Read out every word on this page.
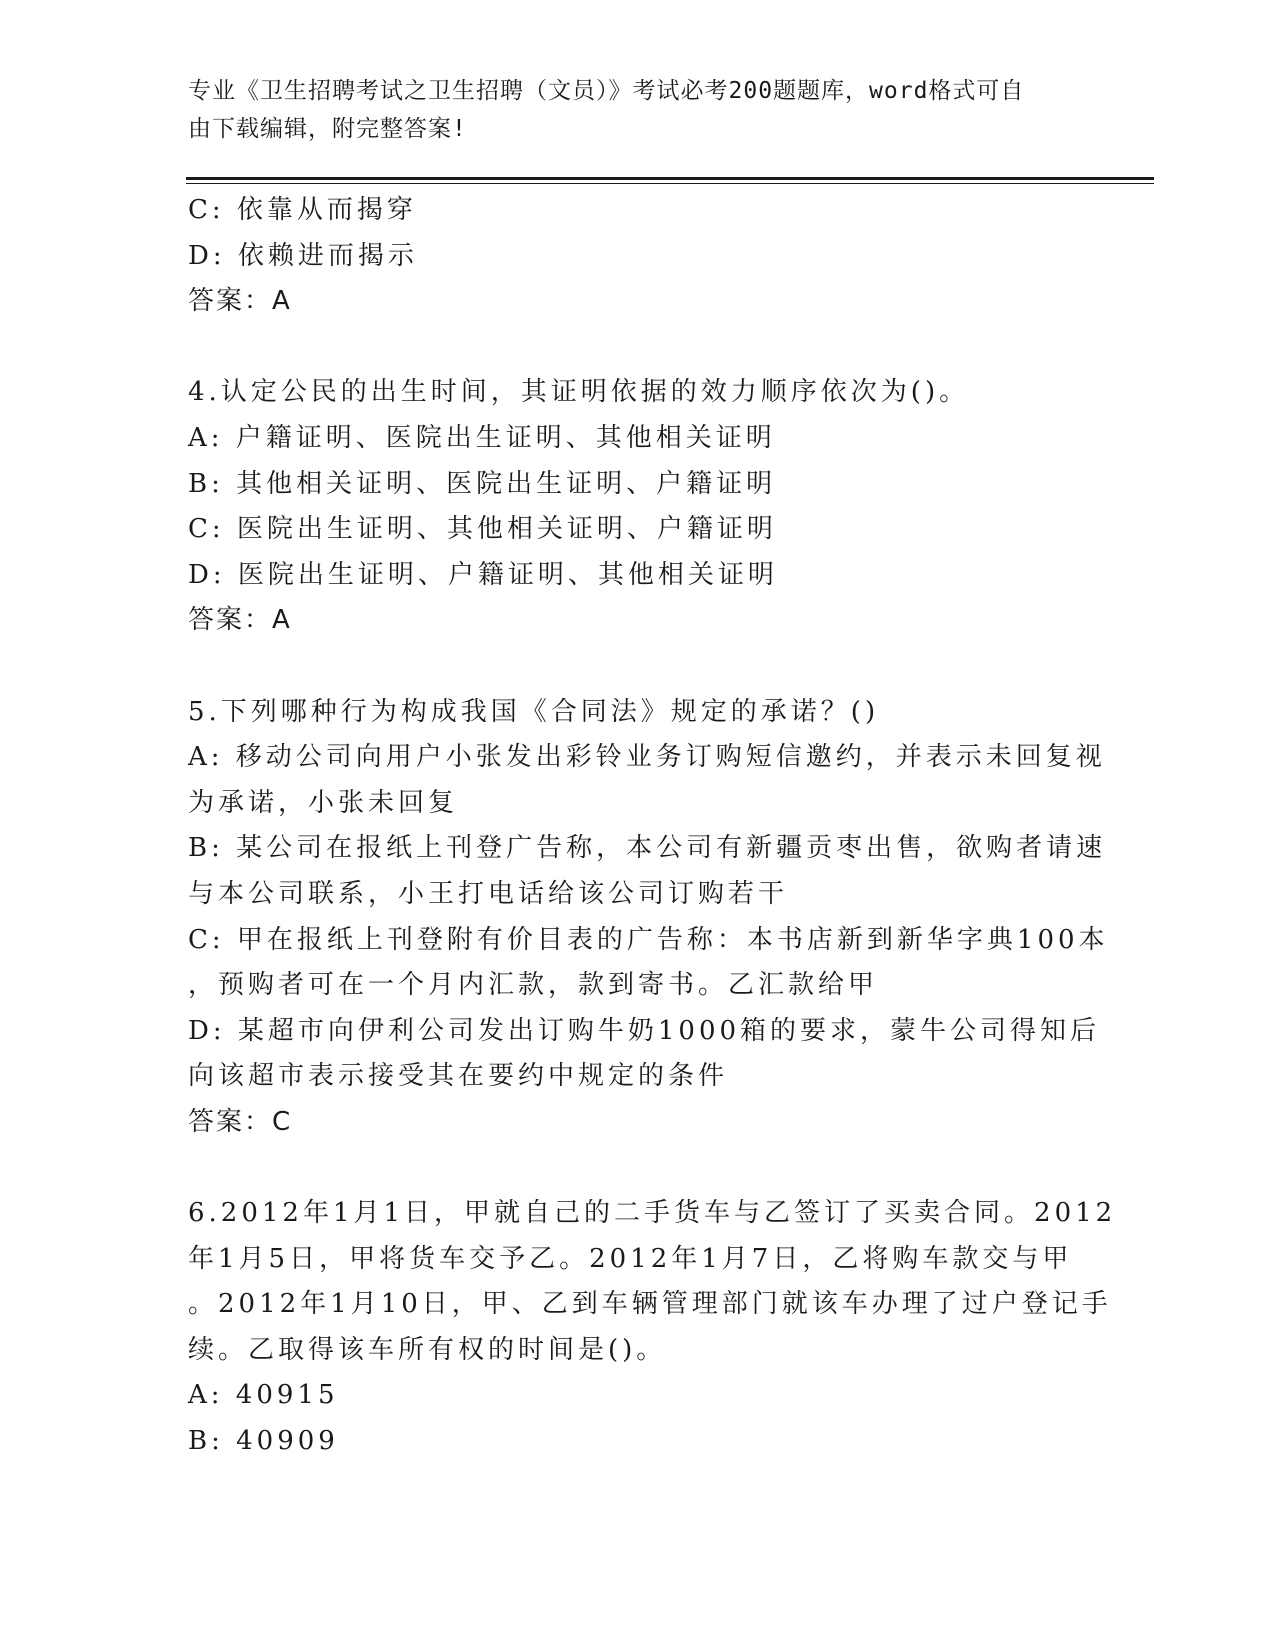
专业《卫生招聘考试之卫生招聘（文员）》考试必考200题题库，word格式可自
由下载编辑，附完整答案!
C: 依靠从而揭穿
D: 依赖进而揭示
答案：A
4.认定公民的出生时间，其证明依据的效力顺序依次为()。
A: 户籍证明、医院出生证明、其他相关证明
B: 其他相关证明、医院出生证明、户籍证明
C: 医院出生证明、其他相关证明、户籍证明
D: 医院出生证明、户籍证明、其他相关证明
答案：A
5.下列哪种行为构成我国《合同法》规定的承诺？()
A: 移动公司向用户小张发出彩铃业务订购短信邀约，并表示未回复视
为承诺，小张未回复
B: 某公司在报纸上刊登广告称，本公司有新疆贡枣出售，欲购者请速
与本公司联系，小王打电话给该公司订购若干
C: 甲在报纸上刊登附有价目表的广告称：本书店新到新华字典100本
，预购者可在一个月内汇款，款到寄书。乙汇款给甲
D: 某超市向伊利公司发出订购牛奶1000箱的要求，蒙牛公司得知后
向该超市表示接受其在要约中规定的条件
答案：C
6.2012年1月1日，甲就自己的二手货车与乙签订了买卖合同。2012
年1月5日，甲将货车交予乙。2012年1月7日，乙将购车款交与甲
。2012年1月10日，甲、乙到车辆管理部门就该车办理了过户登记手
续。乙取得该车所有权的时间是()。
A: 40915
B: 40909
